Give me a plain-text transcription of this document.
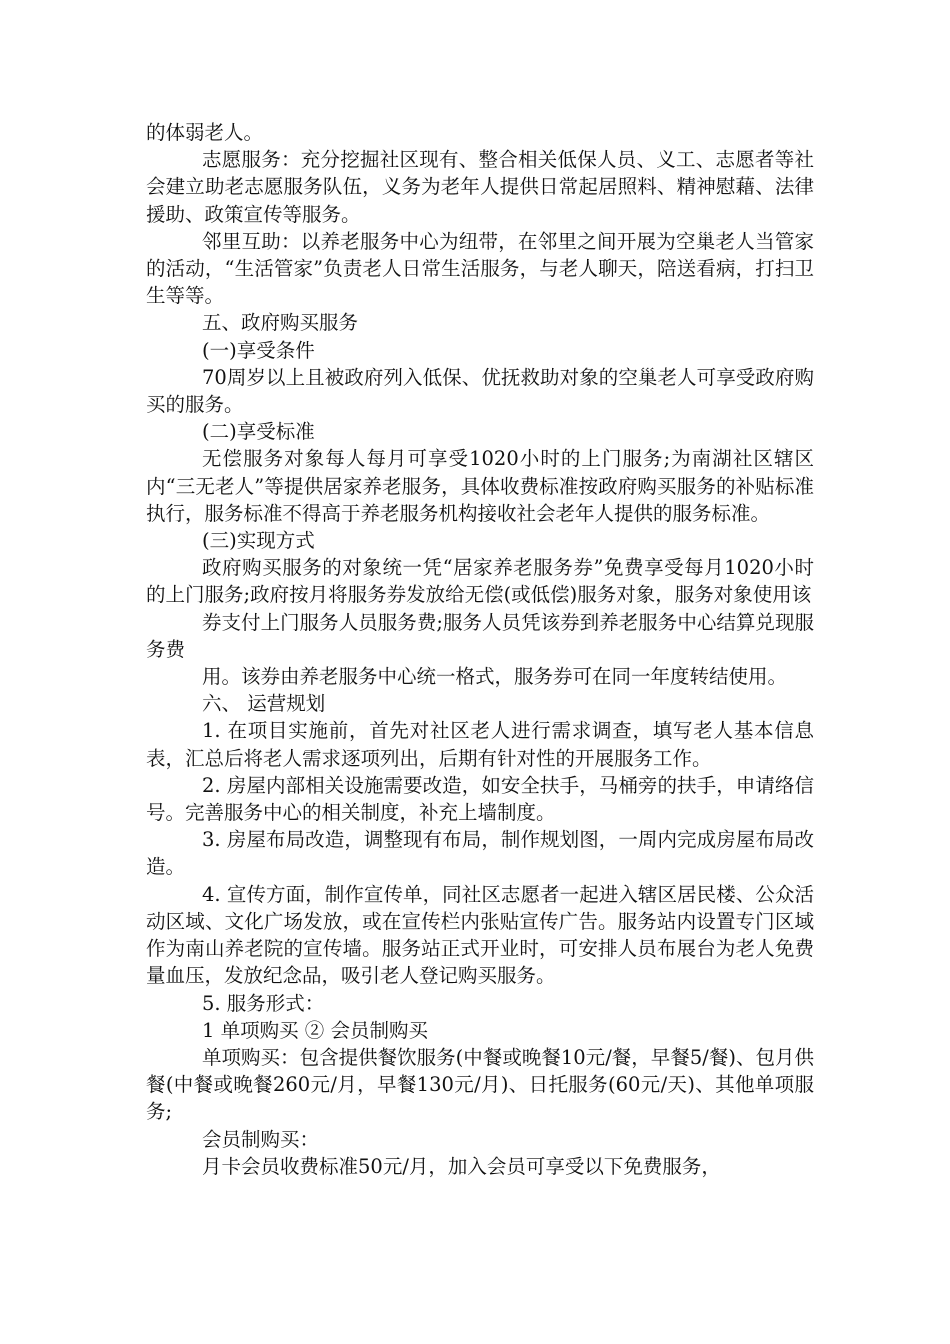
的体弱老人。

志愿服务：充分挖掘社区现有、整合相关低保人员、义工、志愿者等社会建立助老志愿服务队伍，义务为老年人提供日常起居照料、精神慰藉、法律援助、政策宣传等服务。

邻里互助：以养老服务中心为纽带，在邻里之间开展为空巢老人当管家的活动，“生活管家”负责老人日常生活服务，与老人聊天，陪送看病，打扫卫生等等。

五、政府购买服务

(一)享受条件

70周岁以上且被政府列入低保、优抚救助对象的空巢老人可享受政府购买的服务。

(二)享受标准

无偿服务对象每人每月可享受1020小时的上门服务;为南湖社区辖区内“三无老人”等提供居家养老服务，具体收费标准按政府购买服务的补贴标准执行，服务标准不得高于养老服务机构接收社会老年人提供的服务标准。

(三)实现方式

政府购买服务的对象统一凭“居家养老服务券”免费享受每月1020小时的上门服务;政府按月将服务券发放给无偿(或低偿)服务对象，服务对象使用该

券支付上门服务人员服务费;服务人员凭该券到养老服务中心结算兑现服务费

用。该券由养老服务中心统一格式，服务券可在同一年度转结使用。

六、 运营规划

1. 在项目实施前，首先对社区老人进行需求调查，填写老人基本信息表，汇总后将老人需求逐项列出，后期有针对性的开展服务工作。

2. 房屋内部相关设施需要改造，如安全扶手，马桶旁的扶手，申请络信号。完善服务中心的相关制度，补充上墙制度。

3. 房屋布局改造，调整现有布局，制作规划图，一周内完成房屋布局改造。

4. 宣传方面，制作宣传单，同社区志愿者一起进入辖区居民楼、公众活动区域、文化广场发放，或在宣传栏内张贴宣传广告。服务站内设置专门区域作为南山养老院的宣传墙。服务站正式开业时，可安排人员布展台为老人免费量血压，发放纪念品，吸引老人登记购买服务。

5. 服务形式：

1 单项购买 ② 会员制购买

单项购买：包含提供餐饮服务(中餐或晚餐10元/餐，早餐5/餐)、包月供餐(中餐或晚餐260元/月，早餐130元/月)、日托服务(60元/天)、其他单项服务;

会员制购买：

月卡会员收费标准50元/月，加入会员可享受以下免费服务，
